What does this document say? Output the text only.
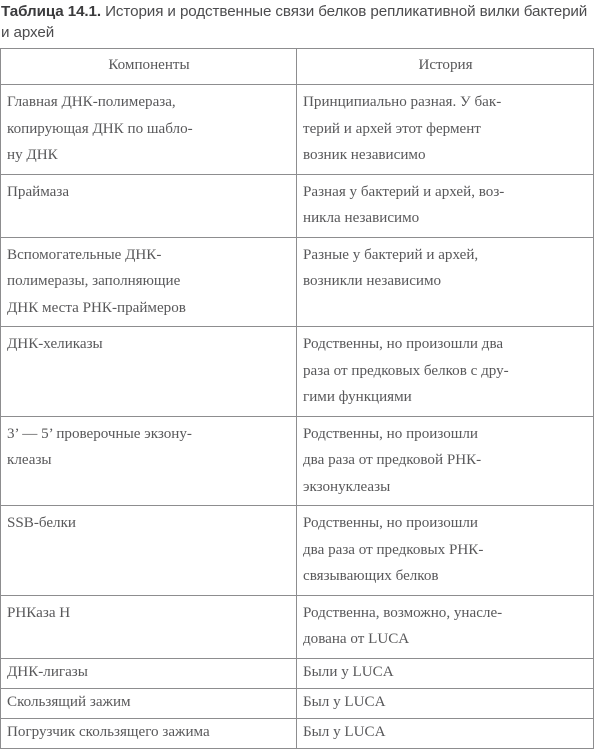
Таблица 14.1. История и родственные связи белков репликативной вилки бактерий и архей
Компоненты	История

Главная ДНК-полимераза,
копирующая ДНК по шабло-
ну ДНК	Принципиально разная. У бак-
терий и архей этот фермент
возник независимо

Праймаза	Разная у бактерий и архей, воз-
никла независимо

Вспомогательные ДНК-
полимеразы, заполняющие
ДНК места РНК-праймеров	Разные у бактерий и архей,
возникли независимо

ДНК-хеликазы	Родственны, но произошли два
раза от предковых белков с дру-
гими функциями

3’ — 5’ проверочные экзону-
клеазы	Родственны, но произошли
два раза от предковой РНК-
экзонуклеазы

SSB-белки	Родственны, но произошли
два раза от предковых РНК-
связывающих белков

РНКаза H	Родственна, возможно, унасле-
дована от LUCA

ДНК-лигазы	Были у LUCA

Скользящий зажим	Был у LUCA

Погрузчик скользящего зажима	Был у LUCA
